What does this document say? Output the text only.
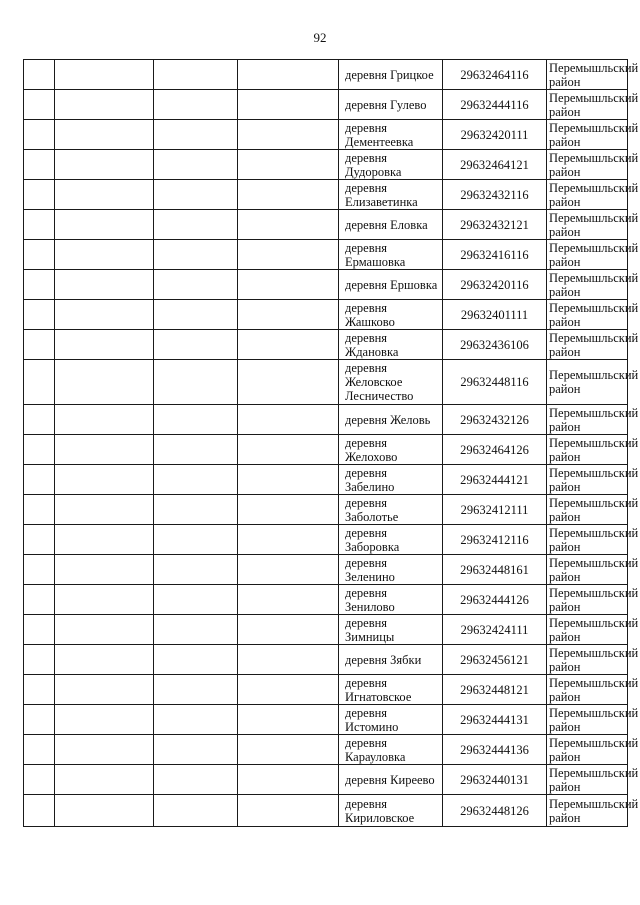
92
				деревня Грицкое	29632464116	Перемышльский район
				деревня Гулево	29632444116	Перемышльский район
				деревня Дементеевка	29632420111	Перемышльский район
				деревня Дудоровка	29632464121	Перемышльский район
				деревня Елизаветинка	29632432116	Перемышльский район
				деревня Еловка	29632432121	Перемышльский район
				деревня Ермашовка	29632416116	Перемышльский район
				деревня Ершовка	29632420116	Перемышльский район
				деревня Жашково	29632401111	Перемышльский район
				деревня Ждановка	29632436106	Перемышльский район
				деревня Желовское Лесничество	29632448116	Перемышльский район
				деревня Желовь	29632432126	Перемышльский район
				деревня Желохово	29632464126	Перемышльский район
				деревня Забелино	29632444121	Перемышльский район
				деревня Заболотье	29632412111	Перемышльский район
				деревня Заборовка	29632412116	Перемышльский район
				деревня Зеленино	29632448161	Перемышльский район
				деревня Зенилово	29632444126	Перемышльский район
				деревня Зимницы	29632424111	Перемышльский район
				деревня Зябки	29632456121	Перемышльский район
				деревня Игнатовское	29632448121	Перемышльский район
				деревня Истомино	29632444131	Перемышльский район
				деревня Карауловка	29632444136	Перемышльский район
				деревня Киреево	29632440131	Перемышльский район
				деревня Кириловское	29632448126	Перемышльский район
